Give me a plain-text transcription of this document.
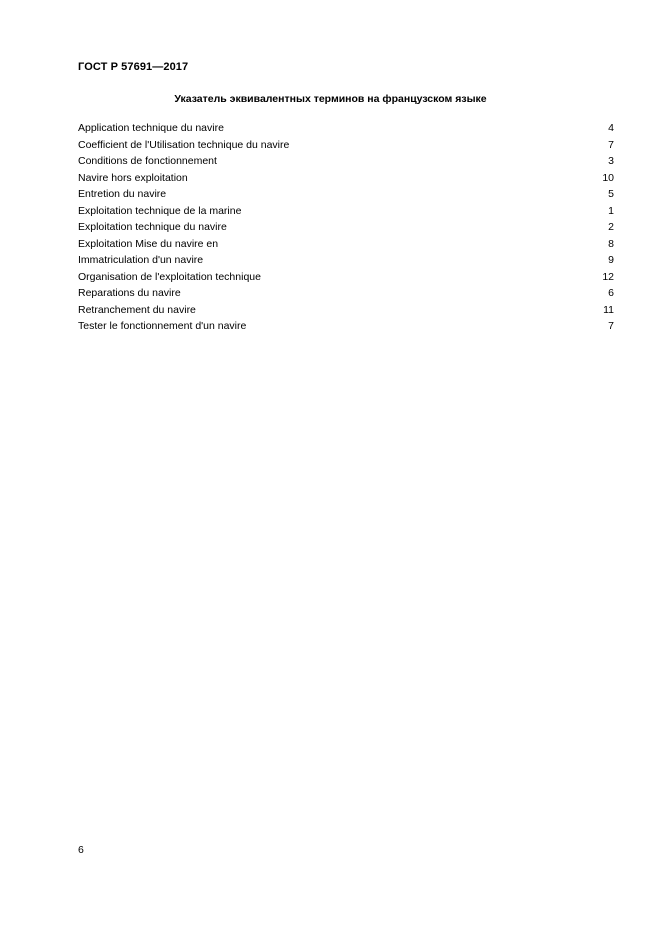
ГОСТ Р 57691—2017

Указатель эквивалентных терминов на французском языке
Application technique du navire	4
Coefficient de l'Utilisation technique du navire	7
Conditions de fonctionnement	3
Navire hors exploitation	10
Entretion du navire	5
Exploitation technique de la marine	1
Exploitation technique du navire	2
Exploitation Mise du navire en	8
Immatriculation d'un navire	9
Organisation de l'exploitation technique	12
Reparations du navire	6
Retranchement du navire	11
Tester le fonctionnement d'un navire	7

6
